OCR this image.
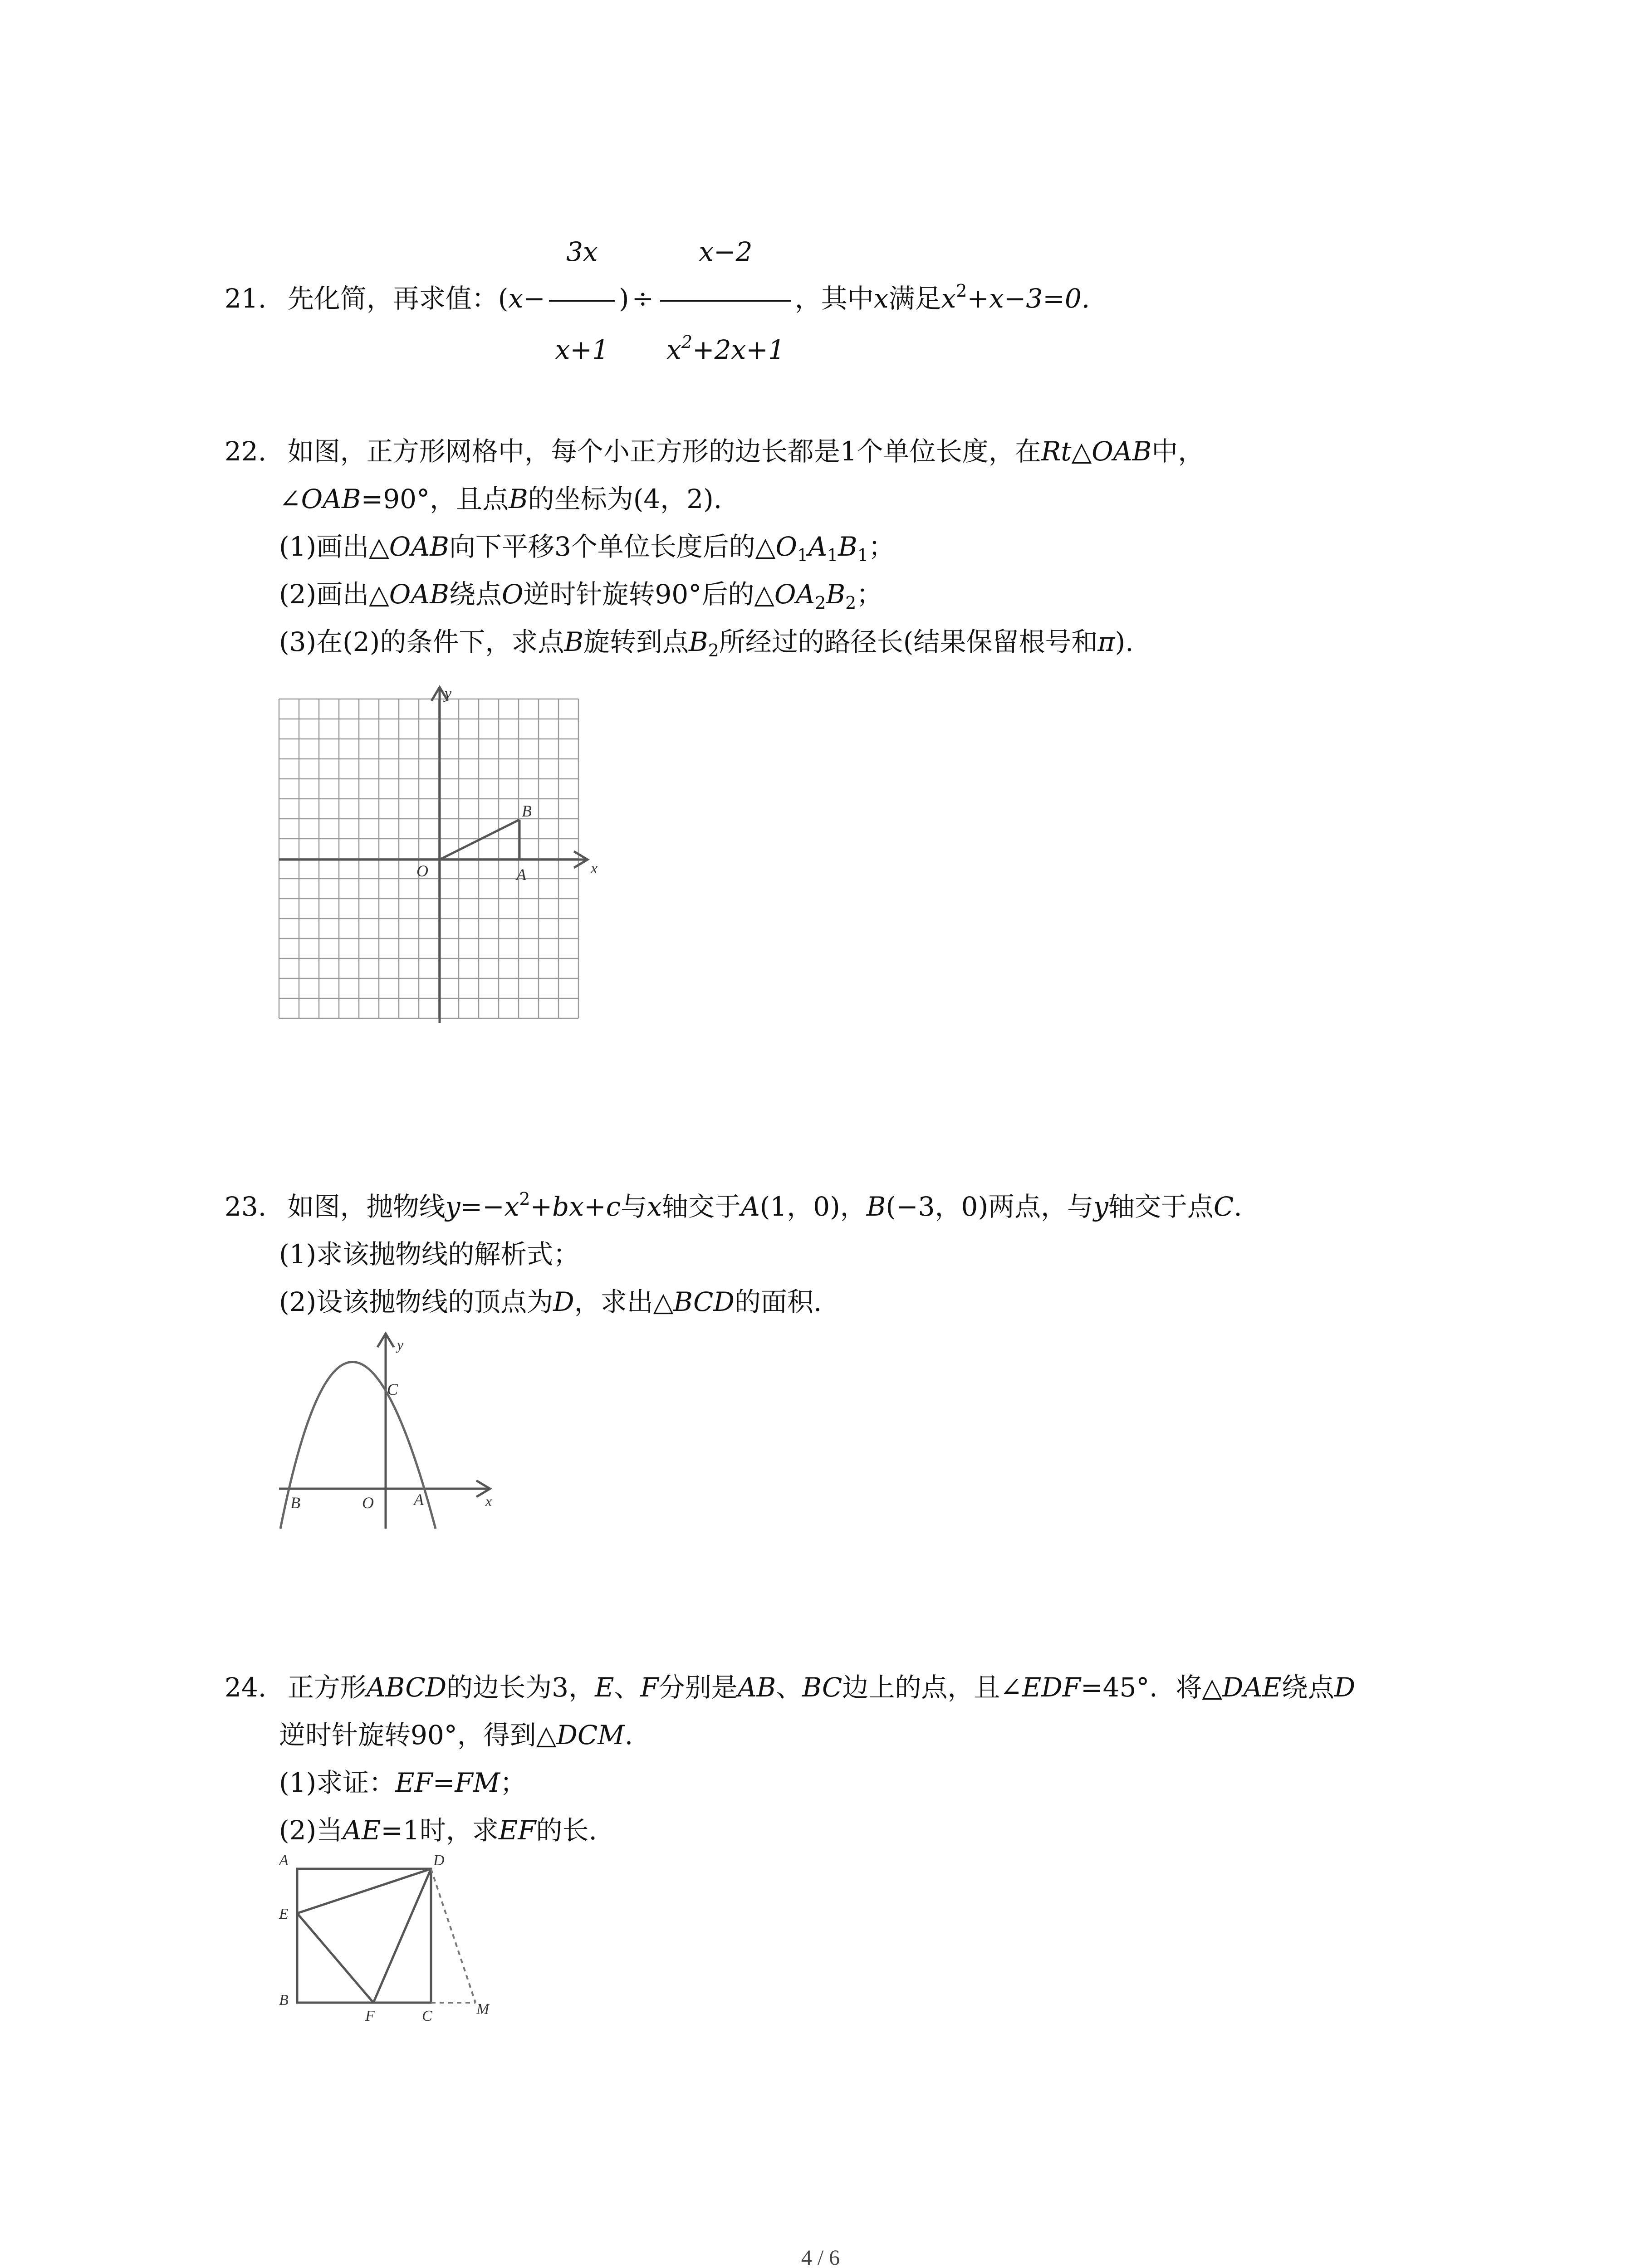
21. 先化简，再求值：($x- \frac{3x}{x+1}$ ) ÷ $\frac{x-2}{x^2+2x+1}$ ，其中x满足$x^2+x-3=0$.
22. 如图，正方形网格中，每个小正方形的边长都是1个单位长度，在Rt△OAB中，
∠OAB=90°，且点B的坐标为(4，2).
(1)画出△OAB向下平移3个单位长度后的$\triangle O_1A_1B_1$；
(2)画出△OAB绕点O逆时针旋转90°后的$\triangle OA_2B_2$；
(3)在(2)的条件下，求点B旋转到点$B_2$所经过的路径长(结果保留根号和π).
y
x
O	A
B
23. 如图，抛物线$y=-x^2+bx+c$与x轴交于A(1，0)，B(−3，0)两点，与y轴交于点C.
(1)求该抛物线的解析式；
(2)设该抛物线的顶点为D，求出△BCD的面积.
y
x
B	O A
C
24. 正方形ABCD的边长为3，E、F分别是AB、BC边上的点，且∠EDF=45°．将△DAE绕点D
逆时针旋转90°，得到△DCM.
(1)求证：EF=FM；
(2)当AE=1时，求EF的长.
A	D
E
B
F	C	M
4 / 6
